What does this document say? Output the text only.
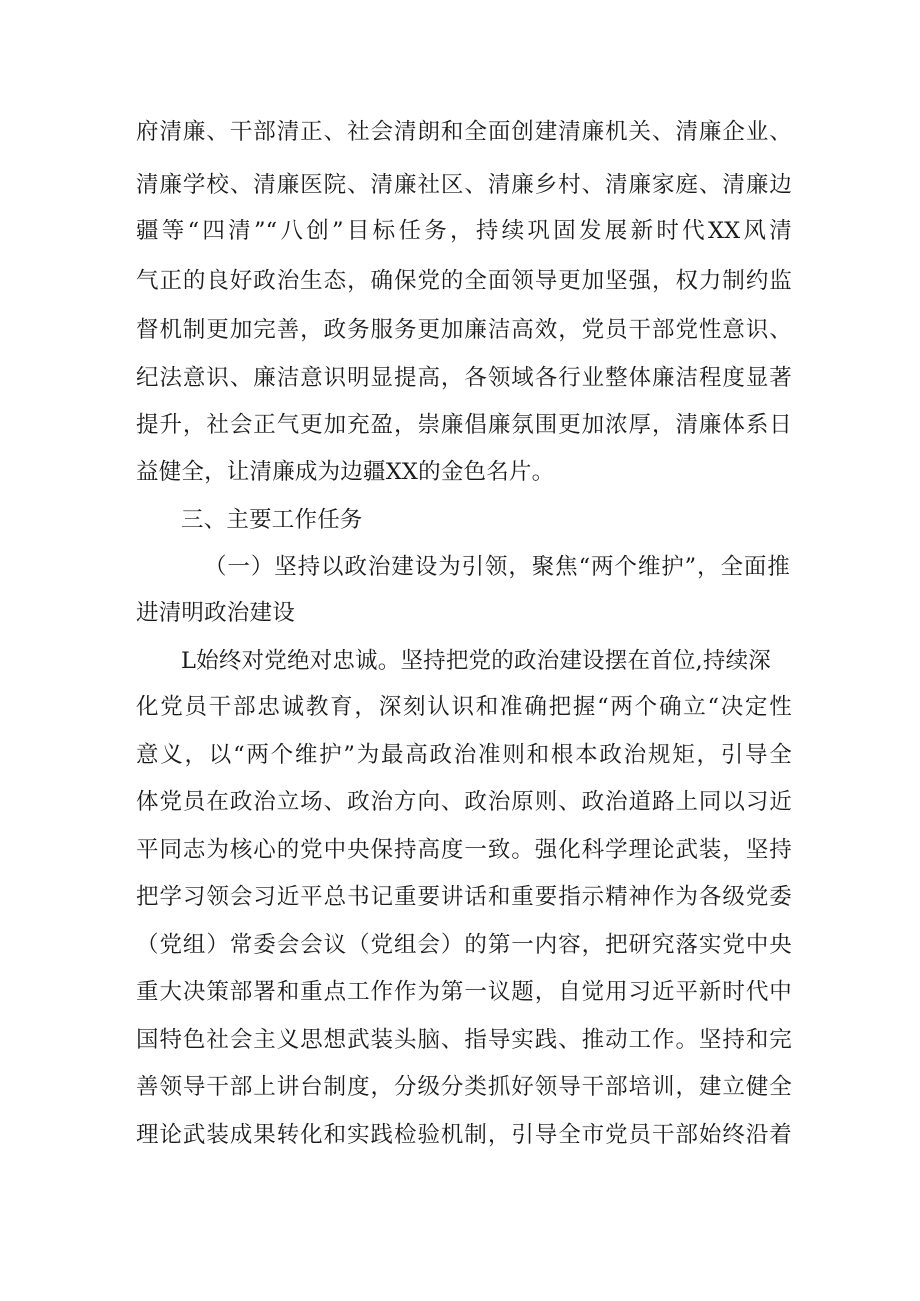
府清廉、干部清正、社会清朗和全面创建清廉机关、清廉企业、
清廉学校、清廉医院、清廉社区、清廉乡村、清廉家庭、清廉边
疆等“四清”“八创”目标任务，持续巩固发展新时代XX风清
气正的良好政治生态，确保党的全面领导更加坚强，权力制约监
督机制更加完善，政务服务更加廉洁高效，党员干部党性意识、
纪法意识、廉洁意识明显提高，各领域各行业整体廉洁程度显著
提升，社会正气更加充盈，崇廉倡廉氛围更加浓厚，清廉体系日
益健全，让清廉成为边疆XX的金色名片。
三、主要工作任务
（一）坚持以政治建设为引领，聚焦“两个维护”，全面推
进清明政治建设
L始终对党绝对忠诚。坚持把党的政治建设摆在首位,持续深
化党员干部忠诚教育，深刻认识和准确把握“两个确立“决定性
意义，以“两个维护”为最高政治准则和根本政治规矩，引导全
体党员在政治立场、政治方向、政治原则、政治道路上同以习近
平同志为核心的党中央保持高度一致。强化科学理论武装，坚持
把学习领会习近平总书记重要讲话和重要指示精神作为各级党委
（党组）常委会会议（党组会）的第一内容，把研究落实党中央
重大决策部署和重点工作作为第一议题，自觉用习近平新时代中
国特色社会主义思想武装头脑、指导实践、推动工作。坚持和完
善领导干部上讲台制度，分级分类抓好领导干部培训，建立健全
理论武装成果转化和实践检验机制，引导全市党员干部始终沿着
